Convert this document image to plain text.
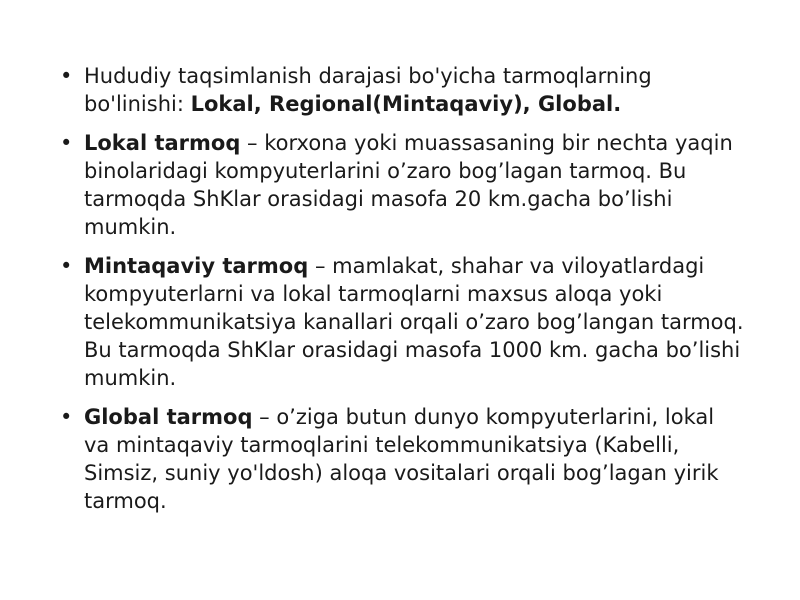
• Hududiy taqsimlanish darajasi bo'yicha tarmoqlarning bo'linishi: Lokal, Regional(Mintaqaviy), Global.
• Lokal tarmoq – korxona yoki muassasaning bir nechta yaqin binolaridagi kompyuterlarini o’zaro bog’lagan tarmoq. Bu tarmoqda ShKlar orasidagi masofa 20 km.gacha bo’lishi mumkin.
• Mintaqaviy tarmoq – mamlakat, shahar va viloyatlardagi kompyuterlarni va lokal tarmoqlarni maxsus aloqa yoki telekommunikatsiya kanallari orqali o’zaro bog’langan tarmoq. Bu tarmoqda ShKlar orasidagi masofa 1000 km. gacha bo’lishi mumkin.
• Global tarmoq – o’ziga butun dunyo kompyuterlarini, lokal va mintaqaviy tarmoqlarini telekommunikatsiya (Kabelli, Simsiz, suniy yo'ldosh) aloqa vositalari orqali bog’lagan yirik tarmoq.
